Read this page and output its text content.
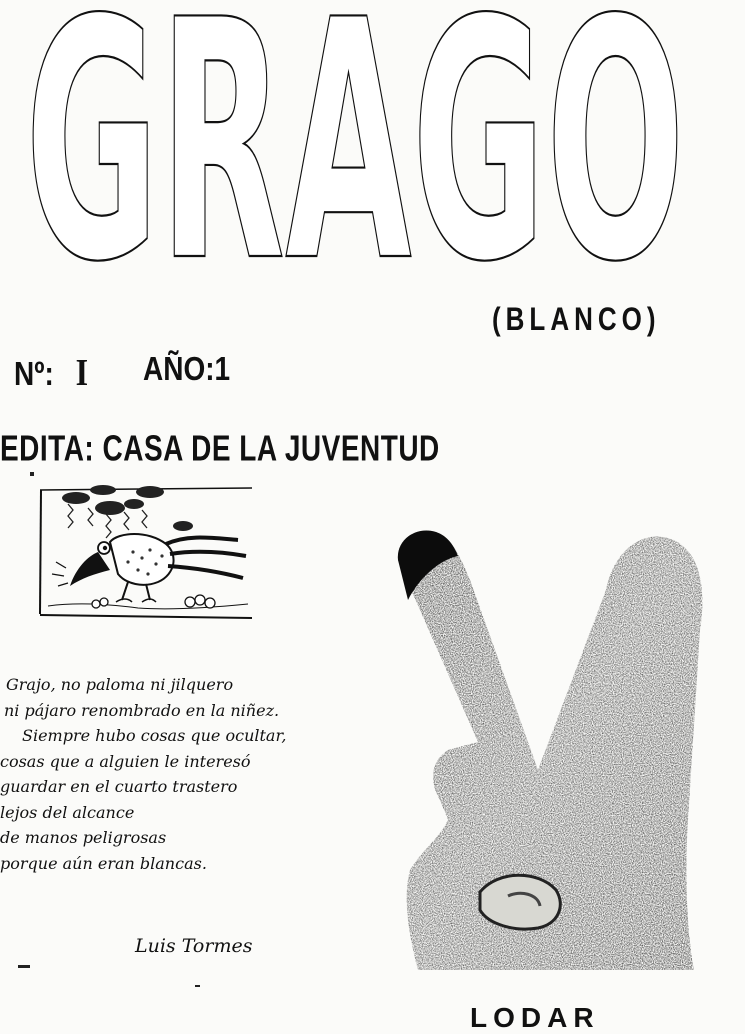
GRAGO
(BLANCO)
Nº: I AÑO:1
EDITA: CASA DE LA JUVENTUD
Grajo, no paloma ni jilquero
ni pájaro renombrado en la niñez.
Siempre hubo cosas que ocultar,
cosas que a alguien le interesó
guardar en el cuarto trastero
lejos del alcance
de manos peligrosas
porque aún eran blancas.
Luis Tormes
LODAR
